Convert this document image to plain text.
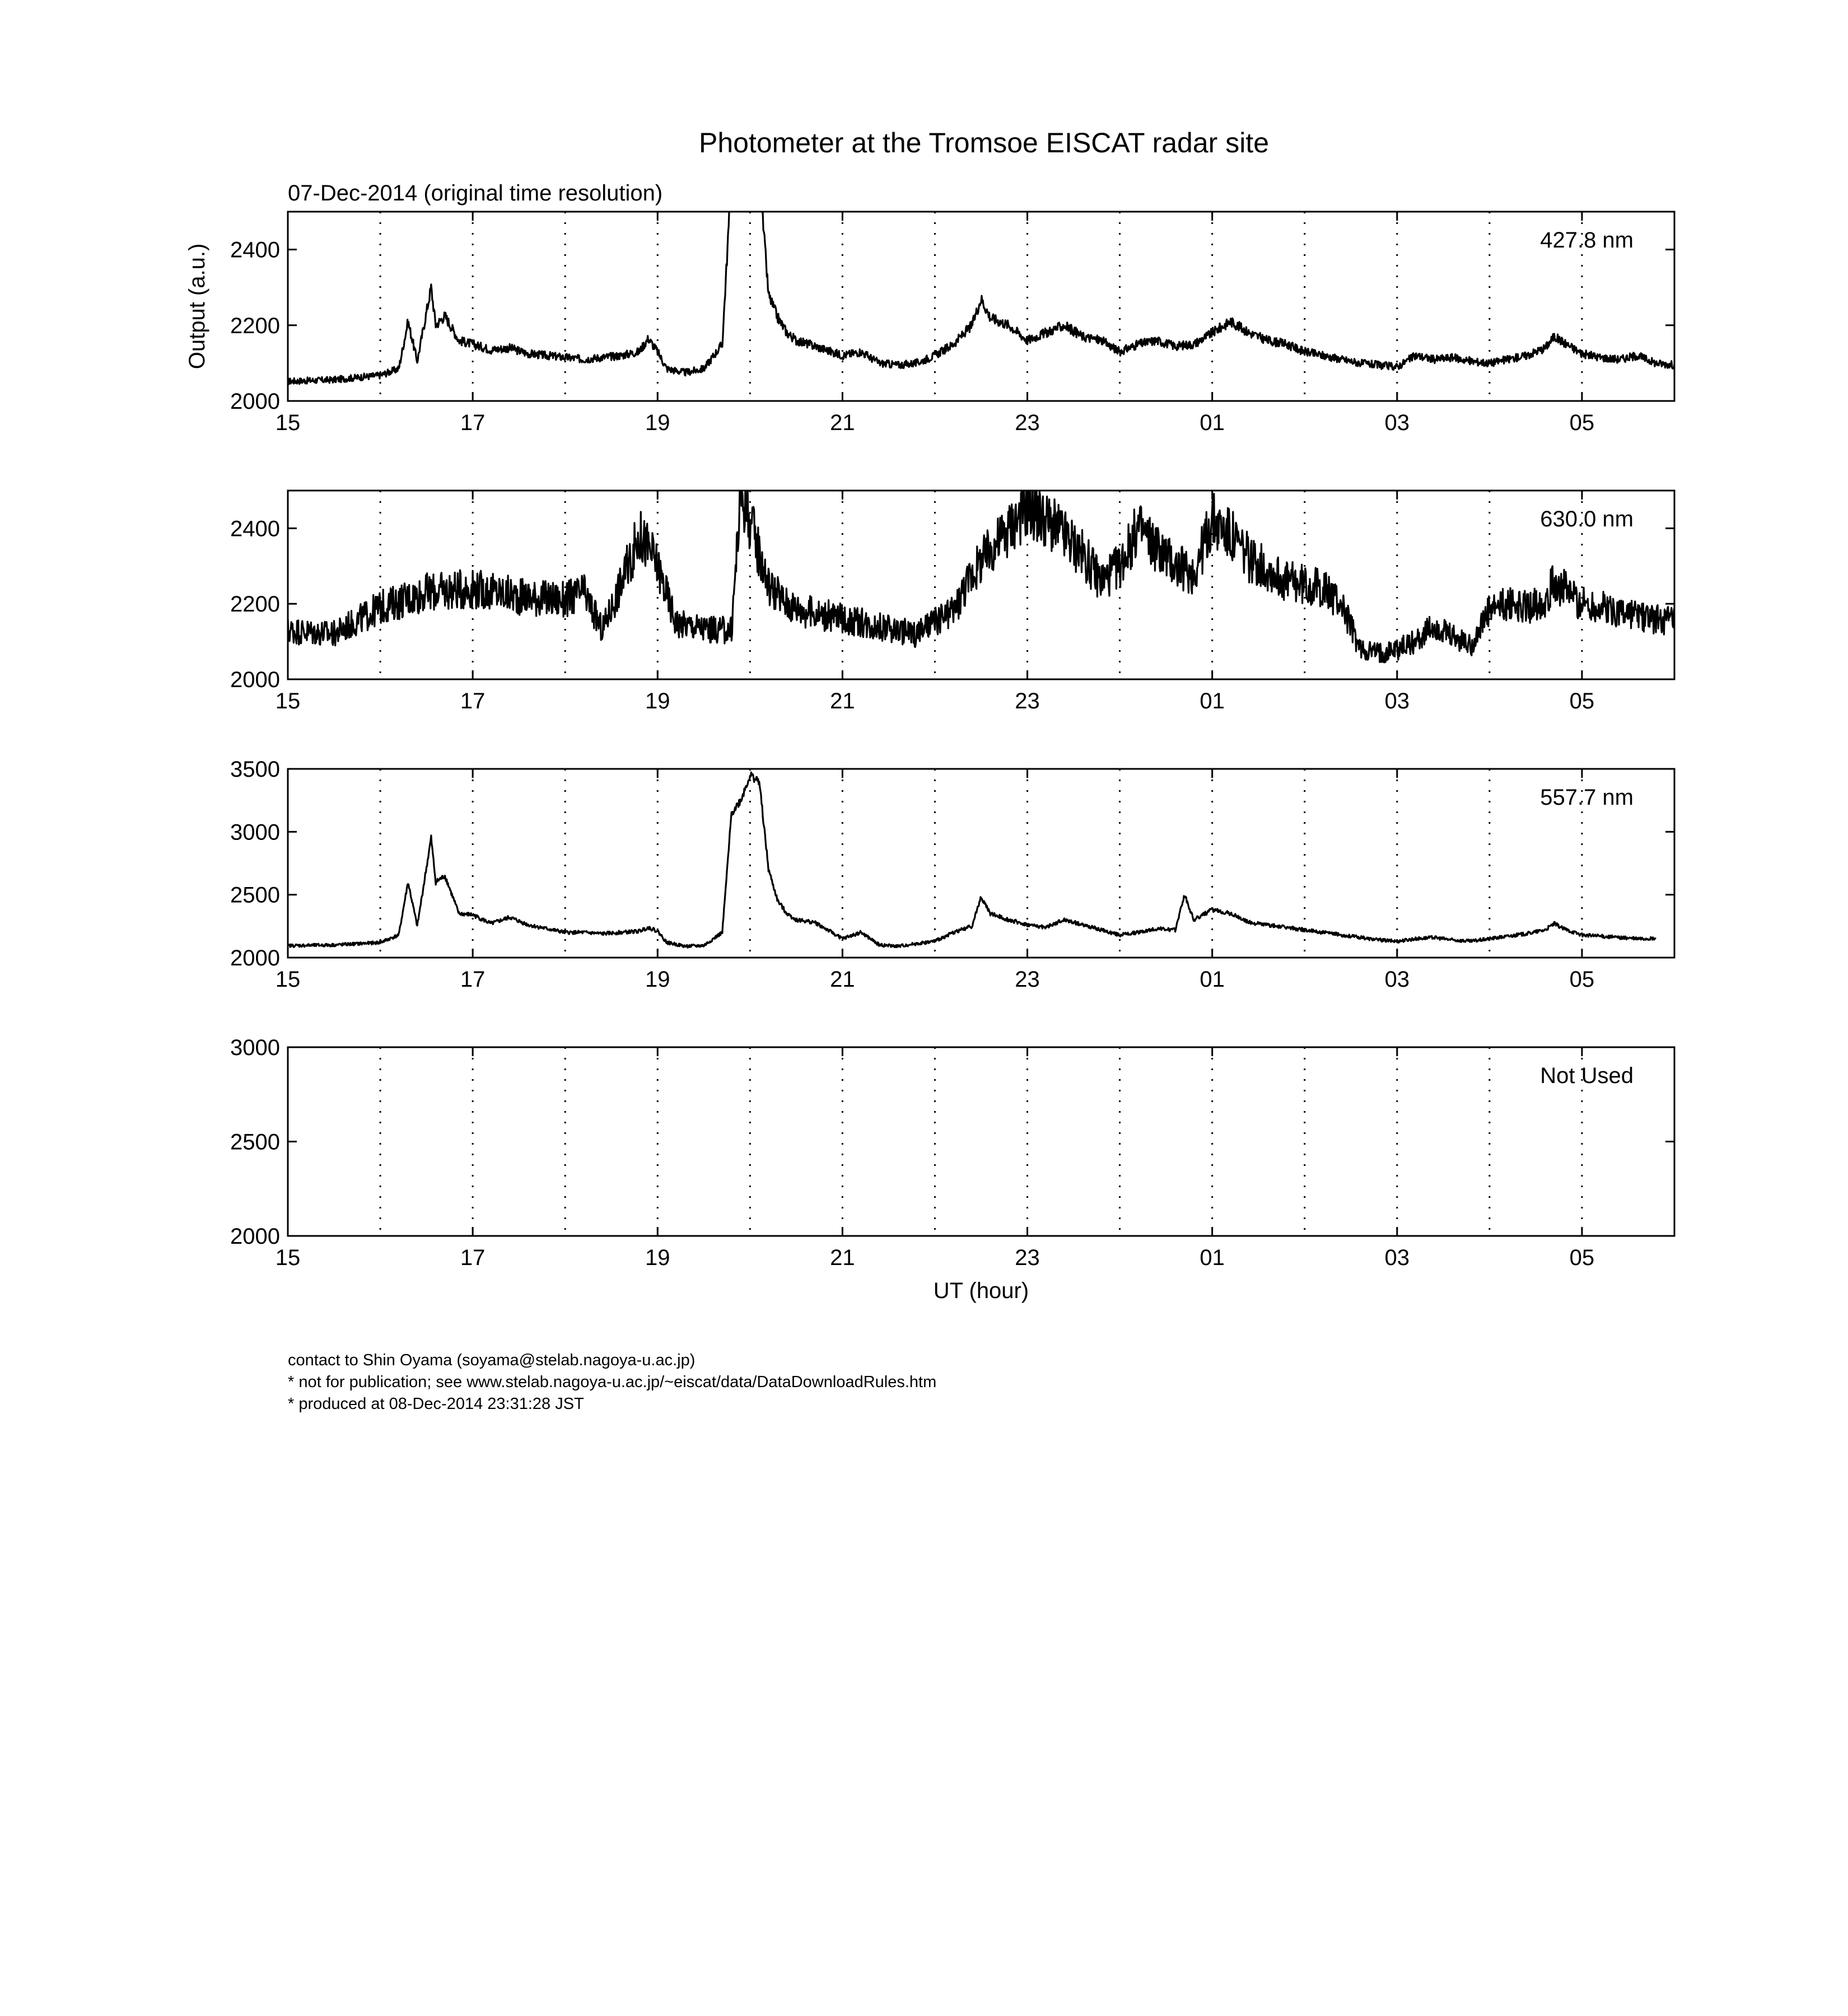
Photometer at the Tromsoe EISCAT radar site
07-Dec-2014 (original time resolution)
15	17	19	21	23	01	03	05
2000
2200
2400	427.8 nm
Output (a.u.)
15	17	19	21	23	01	03	05
2000
2200
2400	630.0 nm
15	17	19	21	23	01	03	05
2000
2500
3000
3500
557.7 nm
15	17	19	21	23	01	03	05
2000
2500
3000
Not Used
UT (hour)
contact to Shin Oyama (soyama@stelab.nagoya-u.ac.jp)
* not for publication; see www.stelab.nagoya-u.ac.jp/~eiscat/data/DataDownloadRules.htm
* produced at 08-Dec-2014 23:31:28 JST
